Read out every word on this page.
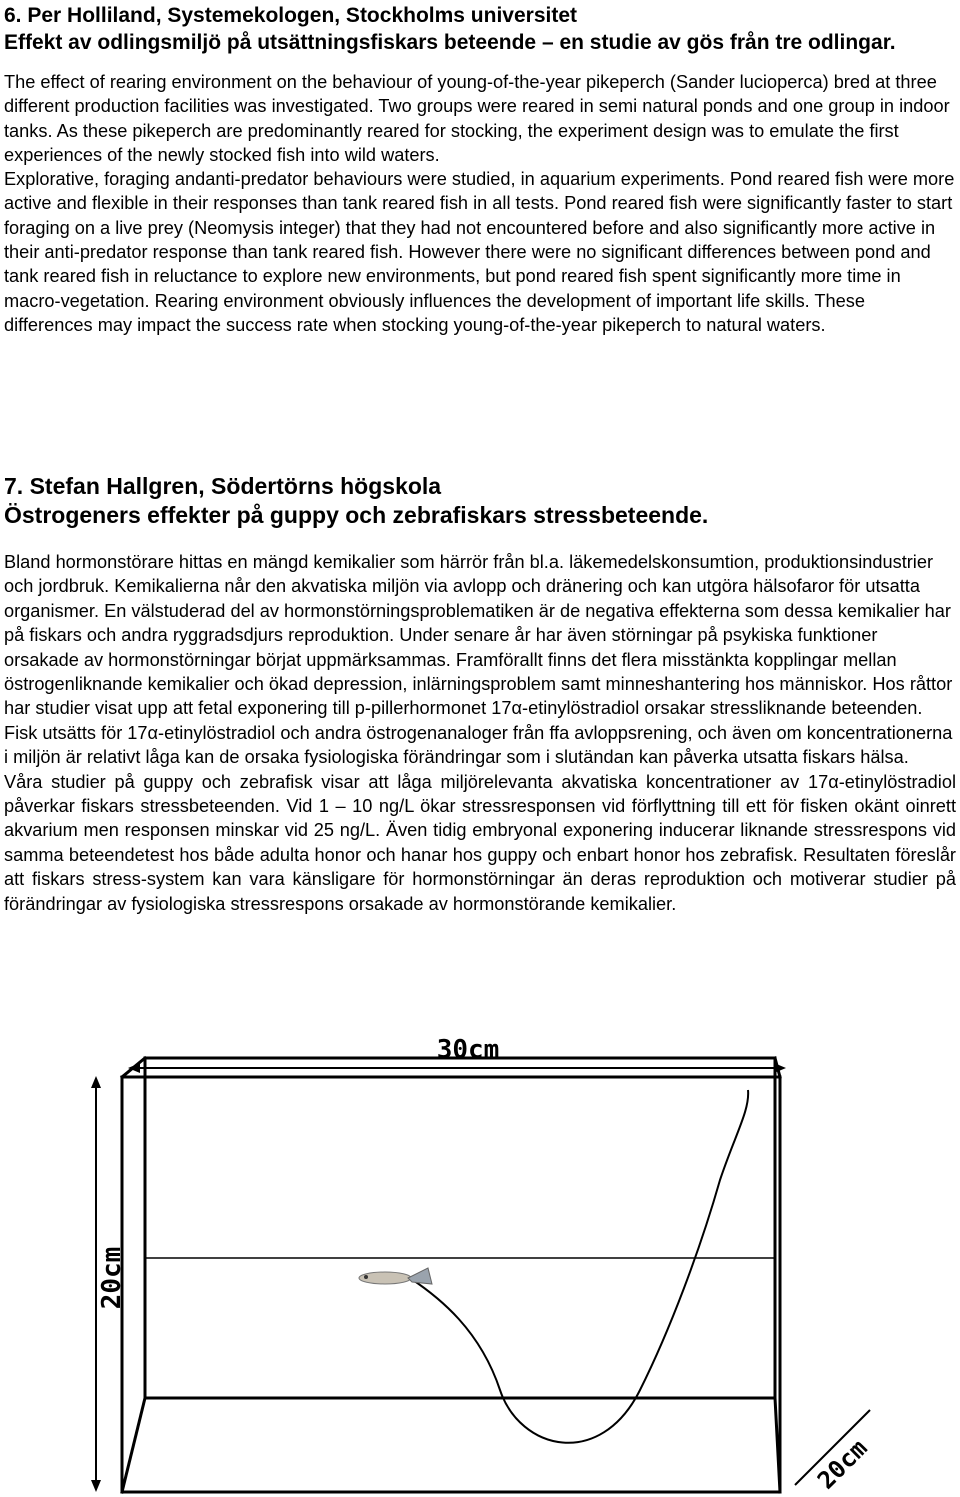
6. Per Holliland, Systemekologen, Stockholms universitet

Effekt av odlingsmiljö på utsättningsfiskars beteende – en studie av gös från tre odlingar.

The effect of rearing environment on the behaviour of young-of-the-year pikeperch (Sander lucioperca) bred at three different production facilities was investigated. Two groups were reared in semi natural ponds and one group in indoor tanks. As these pikeperch are predominantly reared for stocking, the experiment design was to emulate the first experiences of the newly stocked fish into wild waters.

Explorative, foraging andanti-predator behaviours were studied, in aquarium experiments. Pond reared fish were more active and flexible in their responses than tank reared fish in all tests. Pond reared fish were significantly faster to start foraging on a live prey (Neomysis integer) that they had not encountered before and also significantly more active in their anti-predator response than tank reared fish. However there were no significant differences between pond and tank reared fish in reluctance to explore new environments, but pond reared fish spent significantly more time in macro-vegetation. Rearing environment obviously influences the development of important life skills. These differences may impact the success rate when stocking young-of-the-year pikeperch to natural waters.

7. Stefan Hallgren, Södertörns högskola

Östrogeners effekter på guppy och zebrafiskars stressbeteende.

Bland hormonstörare hittas en mängd kemikalier som härrör från bl.a. läkemedelskonsumtion, produktionsindustrier och jordbruk. Kemikalierna når den akvatiska miljön via avlopp och dränering och kan utgöra hälsofaror för utsatta organismer. En välstuderad del av hormonstörningsproblematiken är de negativa effekterna som dessa kemikalier har på fiskars och andra ryggradsdjurs reproduktion. Under senare år har även störningar på psykiska funktioner orsakade av hormonstörningar börjat uppmärksammas. Framförallt finns det flera misstänkta kopplingar mellan östrogenliknande kemikalier och ökad depression, inlärningsproblem samt minneshantering hos människor. Hos råttor har studier visat upp att fetal exponering till p-pillerhormonet 17α-etinylöstradiol orsakar stressliknande beteenden. Fisk utsätts för 17α-etinylöstradiol och andra östrogenanaloger från ffa avloppsrening, och även om koncentrationerna i miljön är relativt låga kan de orsaka fysiologiska förändringar som i slutändan kan påverka utsatta fiskars hälsa.

Våra studier på guppy och zebrafisk visar att låga miljörelevanta akvatiska koncentrationer av 17α-etinylöstradiol påverkar fiskars stressbeteenden. Vid 1 – 10 ng/L ökar stressresponsen vid förflyttning till ett för fisken okänt oinrett akvarium men responsen minskar vid 25 ng/L. Även tidig embryonal exponering inducerar liknande stressrespons vid samma beteendetest hos både adulta honor och hanar hos guppy och enbart honor hos zebrafisk. Resultaten föreslår att fiskars stress-system kan vara känsligare för hormonstörningar än deras reproduktion och motiverar studier på förändringar av fysiologiska stressrespons orsakade av hormonstörande kemikalier.

30cm
20cm
20cm
